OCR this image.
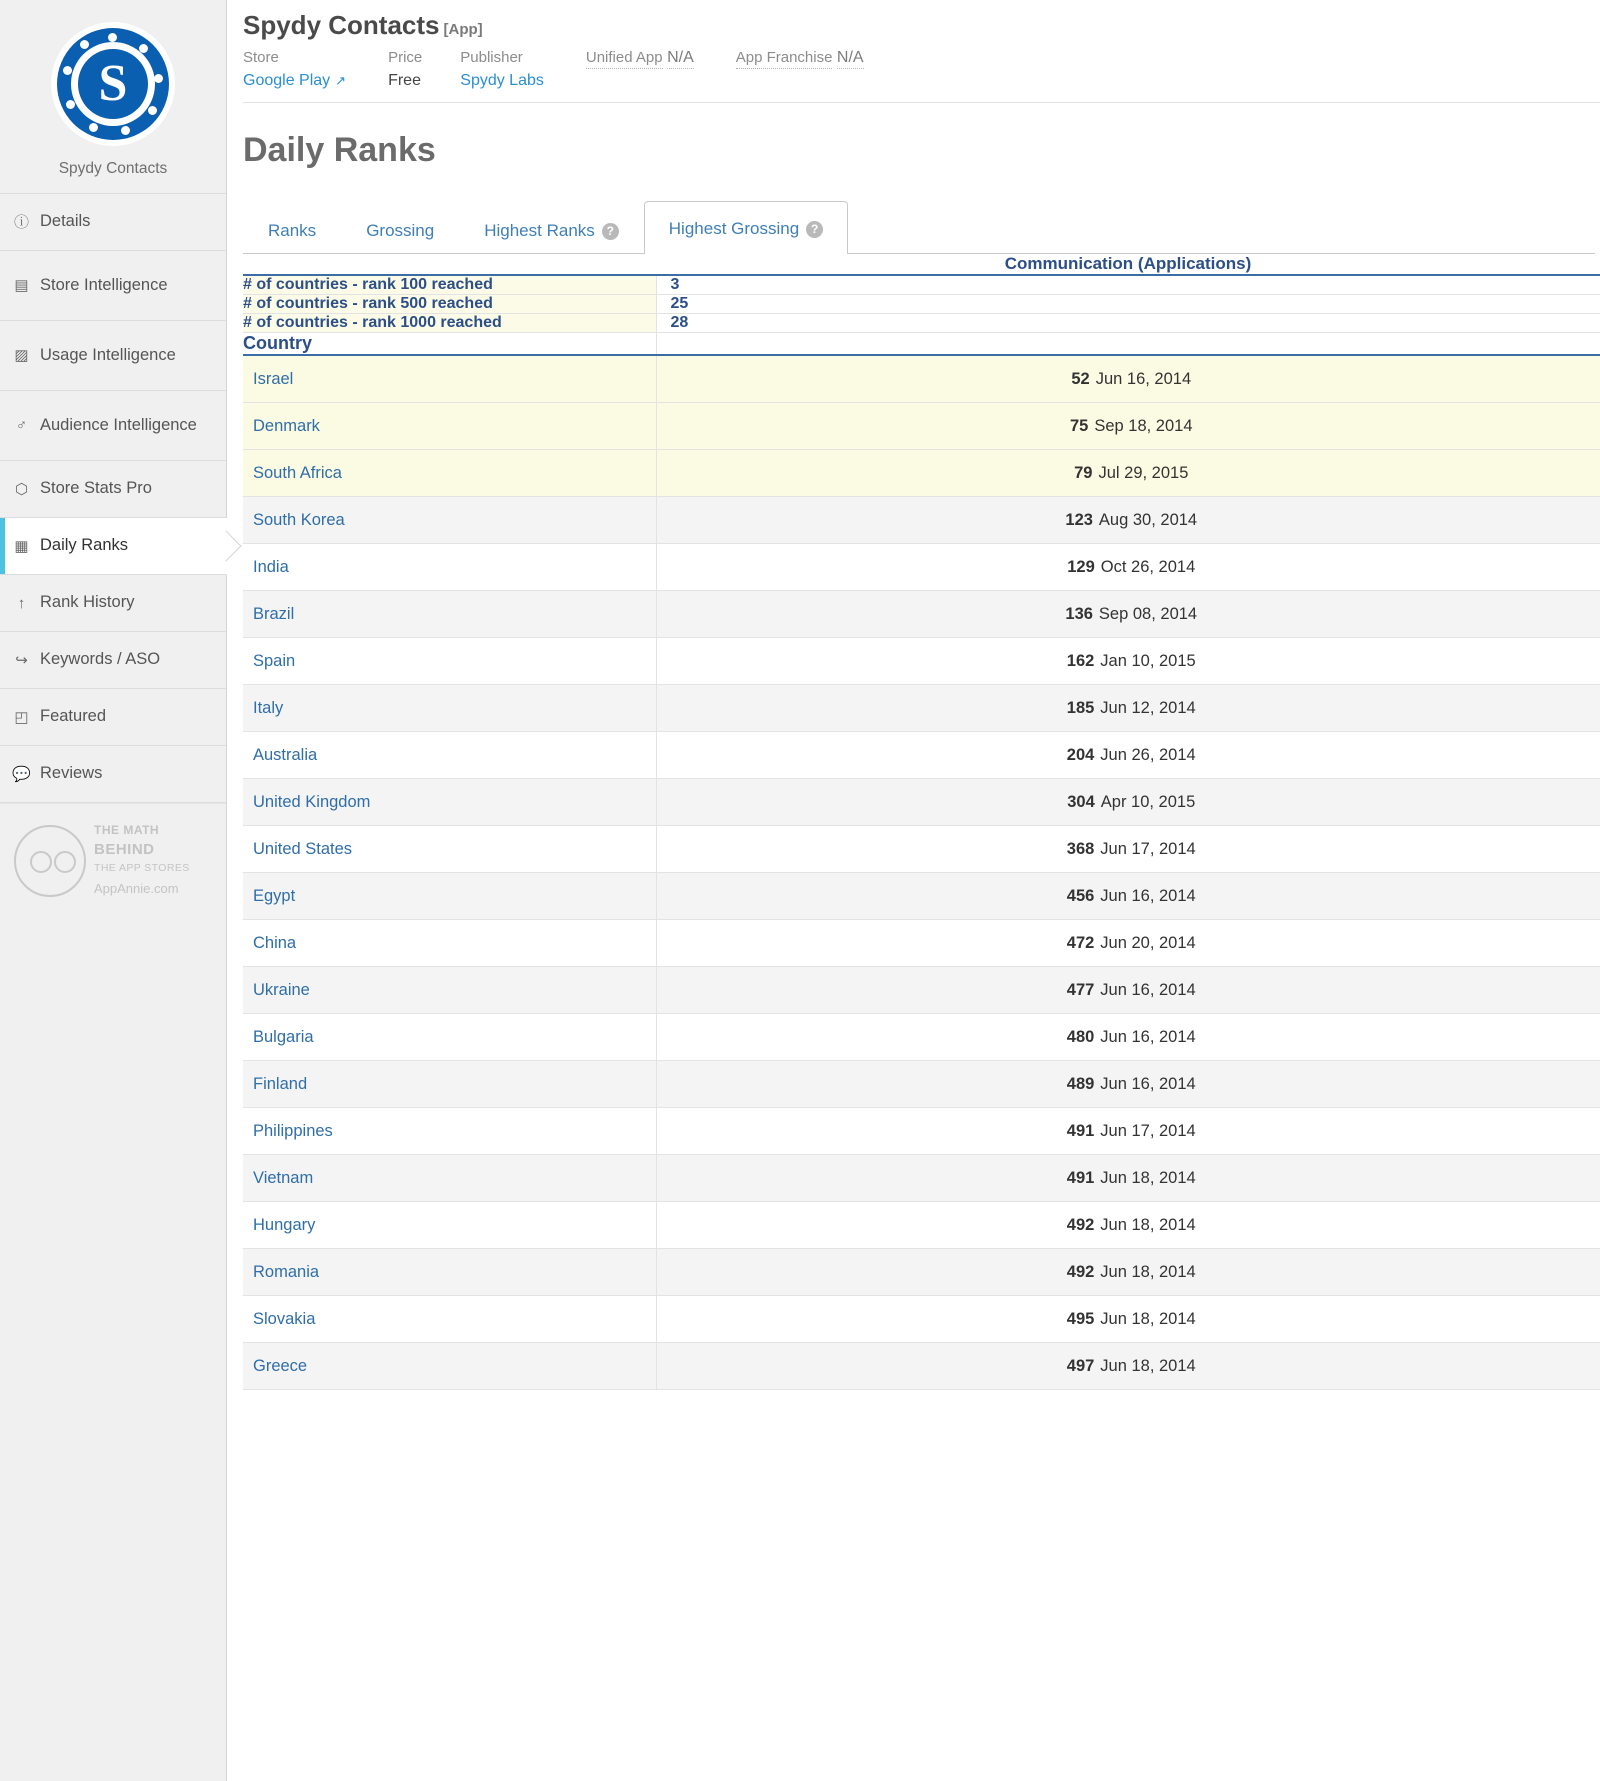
S
Spydy Contacts
ⓘ Details
▤ Store Intelligence
▨ Usage Intelligence
♂ Audience Intelligence
⬡ Store Stats Pro
▦ Daily Ranks
↑ Rank History
↪ Keywords / ASO
◰ Featured
💬 Reviews
THE MATH
BEHIND
THE APP STORES
AppAnnie.com
Spydy Contacts [App]
Store
Google Play ↗
Price
Free
Publisher
Spydy Labs
Unified App N/A	App Franchise N/A
Daily Ranks
Ranks	Grossing	Highest Ranks ?	Highest Grossing ?
	Communication (Applications)
# of countries - rank 100 reached	3
# of countries - rank 500 reached	25
# of countries - rank 1000 reached	28
Country	
Israel	52 Jun 16, 2014
Denmark	75 Sep 18, 2014
South Africa	79 Jul 29, 2015
South Korea	123 Aug 30, 2014
India	129 Oct 26, 2014
Brazil	136 Sep 08, 2014
Spain	162 Jan 10, 2015
Italy	185 Jun 12, 2014
Australia	204 Jun 26, 2014
United Kingdom	304 Apr 10, 2015
United States	368 Jun 17, 2014
Egypt	456 Jun 16, 2014
China	472 Jun 20, 2014
Ukraine	477 Jun 16, 2014
Bulgaria	480 Jun 16, 2014
Finland	489 Jun 16, 2014
Philippines	491 Jun 17, 2014
Vietnam	491 Jun 18, 2014
Hungary	492 Jun 18, 2014
Romania	492 Jun 18, 2014
Slovakia	495 Jun 18, 2014
Greece	497 Jun 18, 2014
